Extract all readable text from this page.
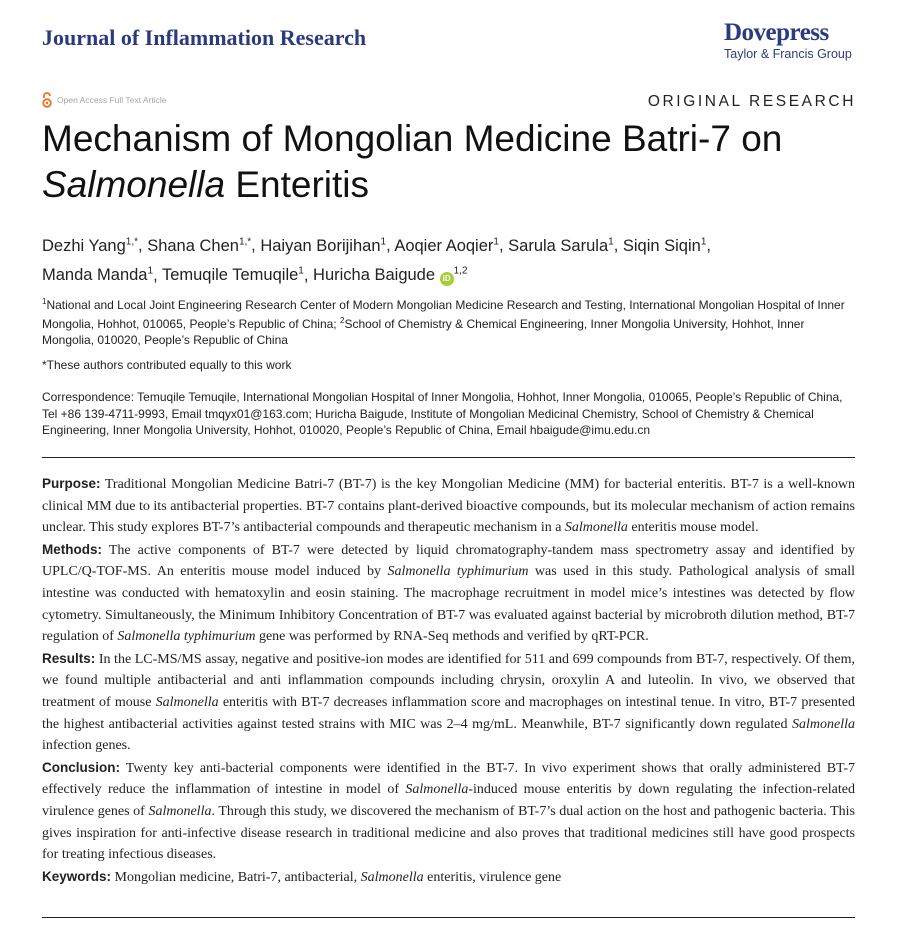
Journal of Inflammation Research	Dovepress
Taylor & Francis Group
Open Access Full Text Article	ORIGINAL RESEARCH
Mechanism of Mongolian Medicine Batri-7 on
Salmonella Enteritis
Dezhi Yang$^{1,*}$, Shana Chen$^{1,*}$, Haiyan Borijihan$^1$, Aoqier Aoqier$^1$, Sarula Sarula$^1$, Siqin Siqin$^1$,
Manda Manda$^1$, Temuqile Temuqile$^1$, Huricha Baigude iD$^{1,2}$
$^1$National and Local Joint Engineering Research Center of Modern Mongolian Medicine Research and Testing, International Mongolian Hospital of Inner Mongolia, Hohhot, 010065, People’s Republic of China; $^2$School of Chemistry & Chemical Engineering, Inner Mongolia University, Hohhot, Inner Mongolia, 010020, People’s Republic of China
*These authors contributed equally to this work
Correspondence: Temuqile Temuqile, International Mongolian Hospital of Inner Mongolia, Hohhot, Inner Mongolia, 010065, People’s Republic of China, Tel +86 139-4711-9993, Email tmqyx01@163.com; Huricha Baigude, Institute of Mongolian Medicinal Chemistry, School of Chemistry & Chemical Engineering, Inner Mongolia University, Hohhot, 010020, People’s Republic of China, Email hbaigude@imu.edu.cn

Purpose: Traditional Mongolian Medicine Batri-7 (BT-7) is the key Mongolian Medicine (MM) for bacterial enteritis. BT-7 is a well-known clinical MM due to its antibacterial properties. BT-7 contains plant-derived bioactive compounds, but its molecular mechanism of action remains unclear. This study explores BT-7’s antibacterial compounds and therapeutic mechanism in a Salmonella enteritis mouse model.

Methods: The active components of BT-7 were detected by liquid chromatography-tandem mass spectrometry assay and identified by UPLC/Q-TOF-MS. An enteritis mouse model induced by Salmonella typhimurium was used in this study. Pathological analysis of small intestine was conducted with hematoxylin and eosin staining. The macrophage recruitment in model mice’s intestines was detected by flow cytometry. Simultaneously, the Minimum Inhibitory Concentration of BT-7 was evaluated against bacterial by microbroth dilution method, BT-7 regulation of Salmonella typhimurium gene was performed by RNA-Seq methods and verified by qRT-PCR.

Results: In the LC-MS/MS assay, negative and positive-ion modes are identified for 511 and 699 compounds from BT-7, respectively. Of them, we found multiple antibacterial and anti inflammation compounds including chrysin, oroxylin A and luteolin. In vivo, we observed that treatment of mouse Salmonella enteritis with BT-7 decreases inflammation score and macrophages on intestinal tenue. In vitro, BT-7 presented the highest antibacterial activities against tested strains with MIC was 2–4 mg/mL. Meanwhile, BT-7 significantly down regulated Salmonella infection genes.

Conclusion: Twenty key anti-bacterial components were identified in the BT-7. In vivo experiment shows that orally administered BT-7 effectively reduce the inflammation of intestine in model of Salmonella-induced mouse enteritis by down regulating the infection-related virulence genes of Salmonella. Through this study, we discovered the mechanism of BT-7’s dual action on the host and pathogenic bacteria. This gives inspiration for anti-infective disease research in traditional medicine and also proves that traditional medicines still have good prospects for treating infectious diseases.

Keywords: Mongolian medicine, Batri-7, antibacterial, Salmonella enteritis, virulence gene
